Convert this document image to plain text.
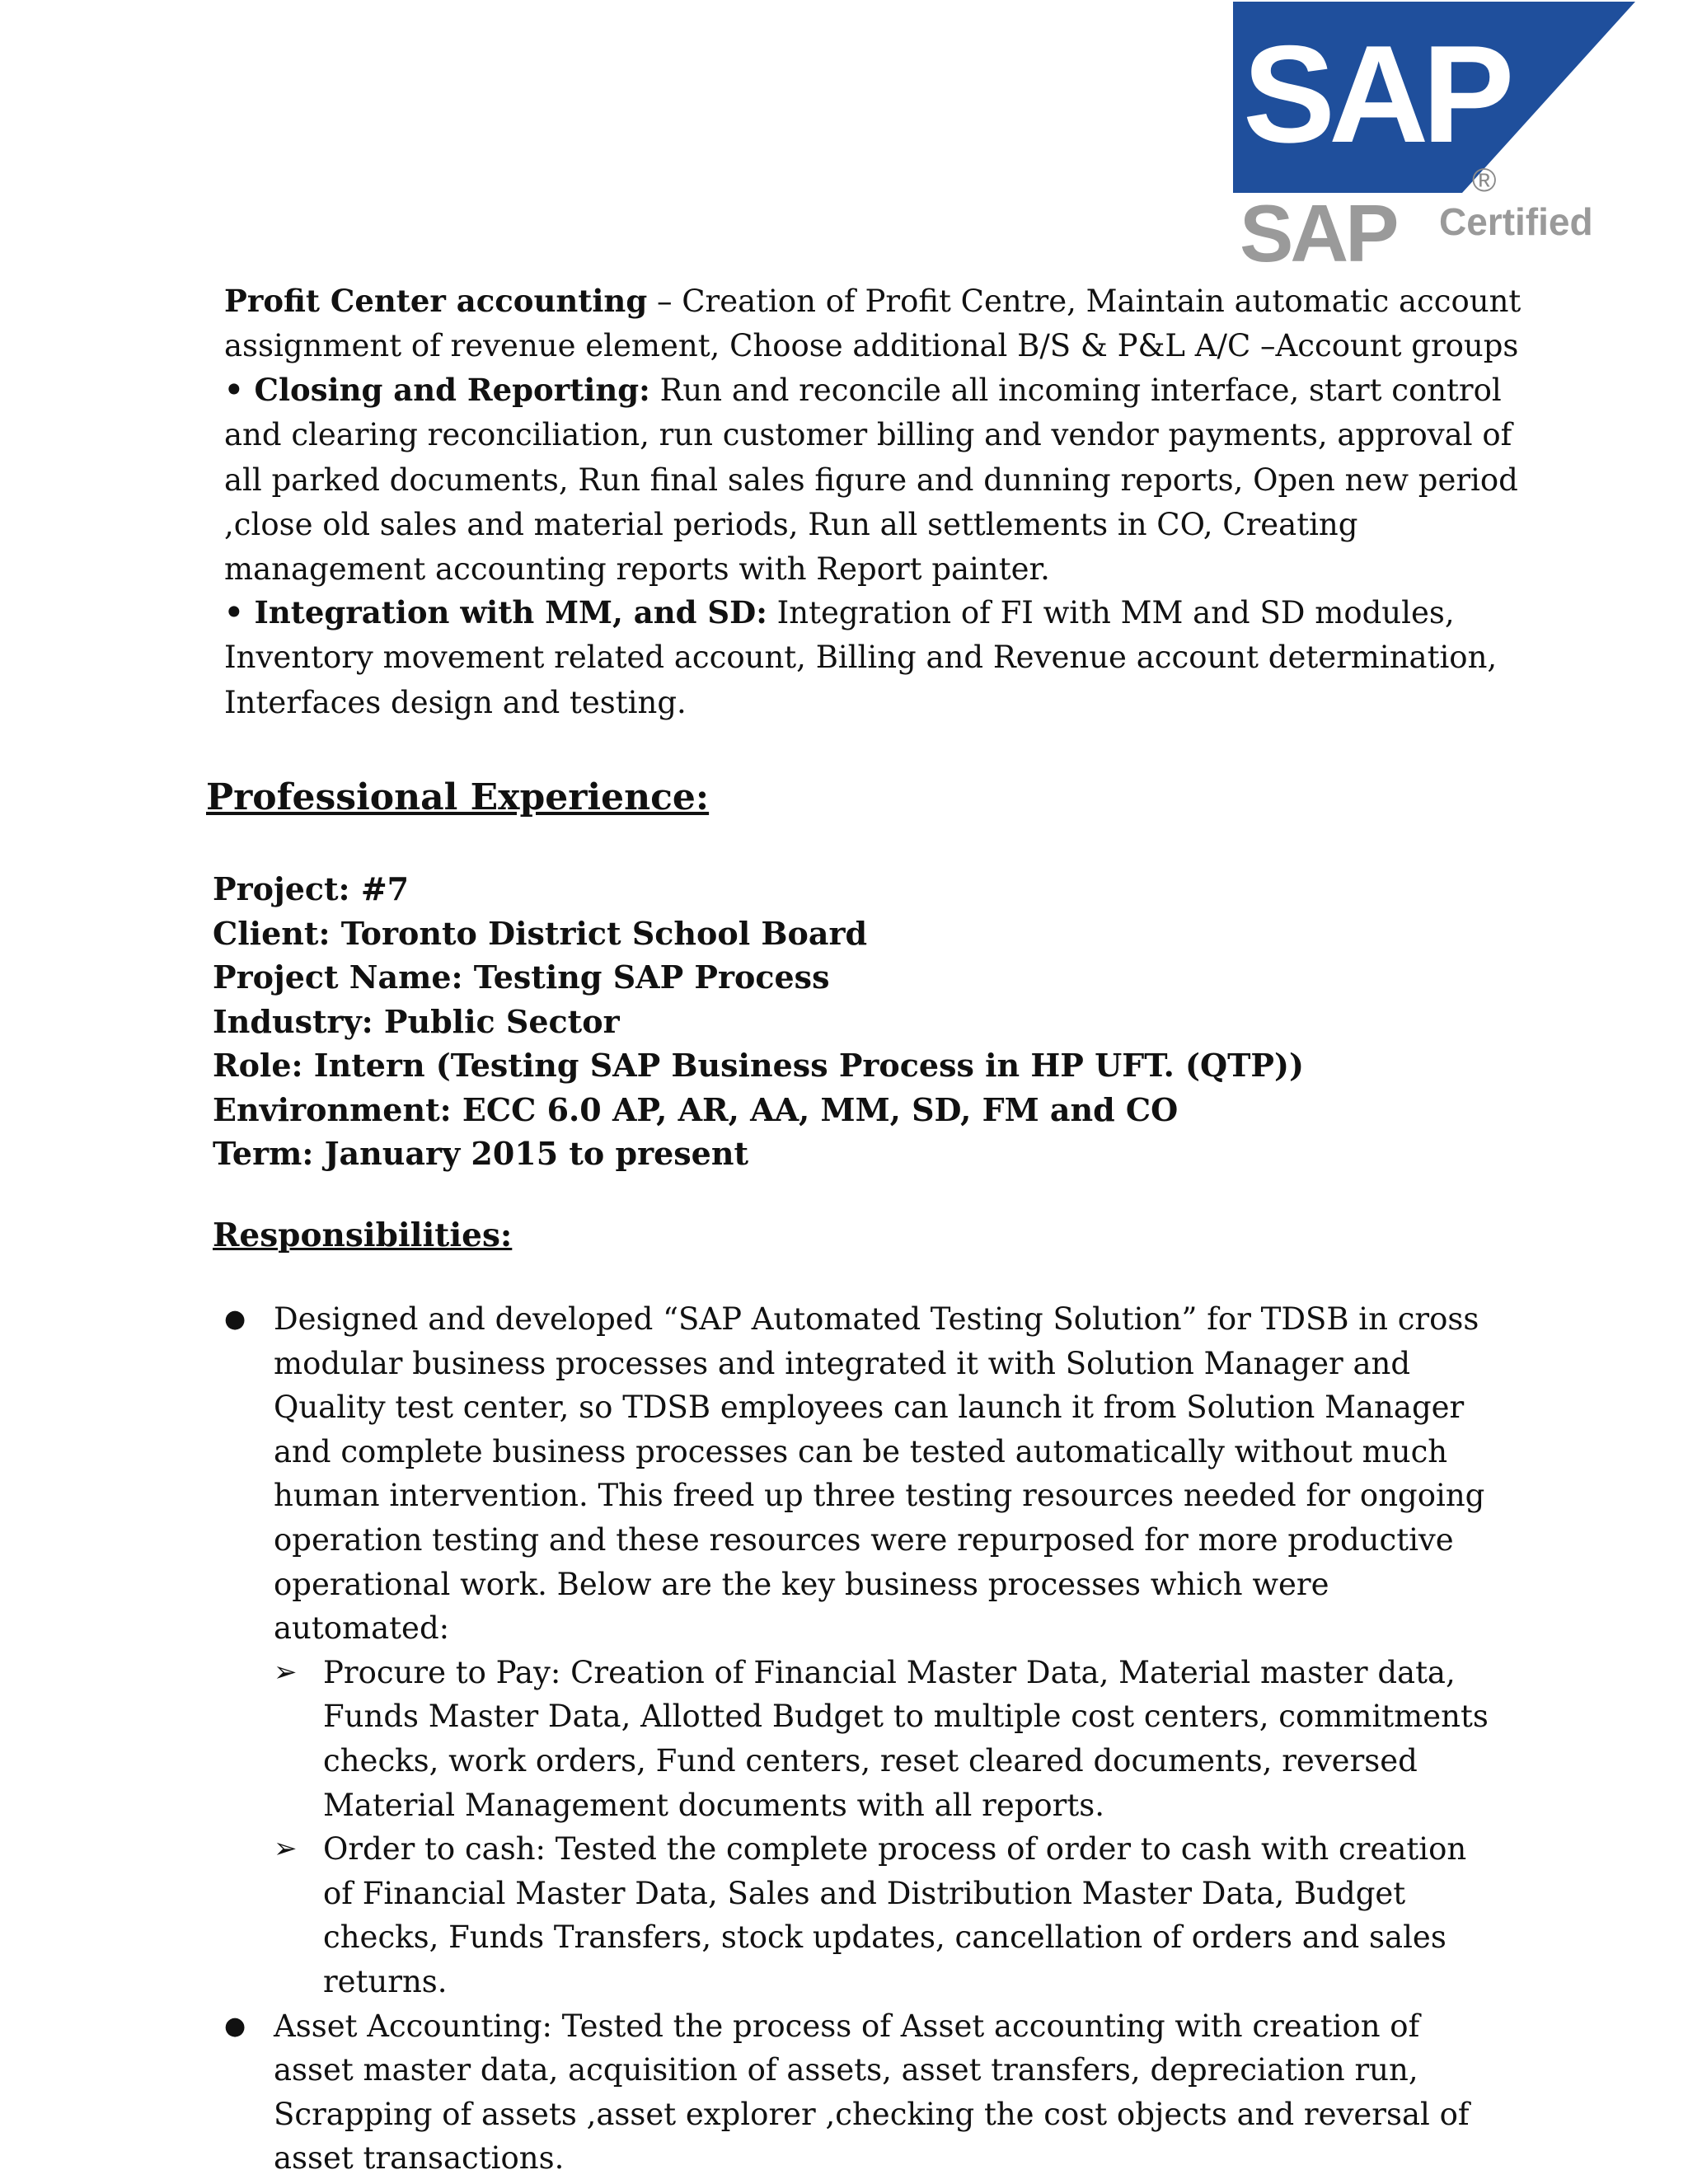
SAP
®
SAP Certified

Profit Center accounting – Creation of Profit Centre, Maintain automatic account assignment of revenue element, Choose additional B/S & P&L A/C –Account groups

• Closing and Reporting: Run and reconcile all incoming interface, start control and clearing reconciliation, run customer billing and vendor payments, approval of all parked documents, Run final sales figure and dunning reports, Open new period ,close old sales and material periods, Run all settlements in CO, Creating management accounting reports with Report painter.

• Integration with MM, and SD: Integration of FI with MM and SD modules, Inventory movement related account, Billing and Revenue account determination, Interfaces design and testing.

Professional Experience:
Project: #7
Client: Toronto District School Board
Project Name: Testing SAP Process
Industry: Public Sector
Role: Intern (Testing SAP Business Process in HP UFT. (QTP))
Environment: ECC 6.0 AP, AR, AA, MM, SD, FM and CO
Term: January 2015 to present
Responsibilities:
● Designed and developed “SAP Automated Testing Solution” for TDSB in cross modular business processes and integrated it with Solution Manager and Quality test center, so TDSB employees can launch it from Solution Manager and complete business processes can be tested automatically without much human intervention. This freed up three testing resources needed for ongoing operation testing and these resources were repurposed for more productive operational work. Below are the key business processes which were automated:
➢ Procure to Pay: Creation of Financial Master Data, Material master data, Funds Master Data, Allotted Budget to multiple cost centers, commitments checks, work orders, Fund centers, reset cleared documents, reversed Material Management documents with all reports.
➢ Order to cash: Tested the complete process of order to cash with creation of Financial Master Data, Sales and Distribution Master Data, Budget checks, Funds Transfers, stock updates, cancellation of orders and sales returns.
● Asset Accounting: Tested the process of Asset accounting with creation of asset master data, acquisition of assets, asset transfers, depreciation run, Scrapping of assets ,asset explorer ,checking the cost objects and reversal of asset transactions.
